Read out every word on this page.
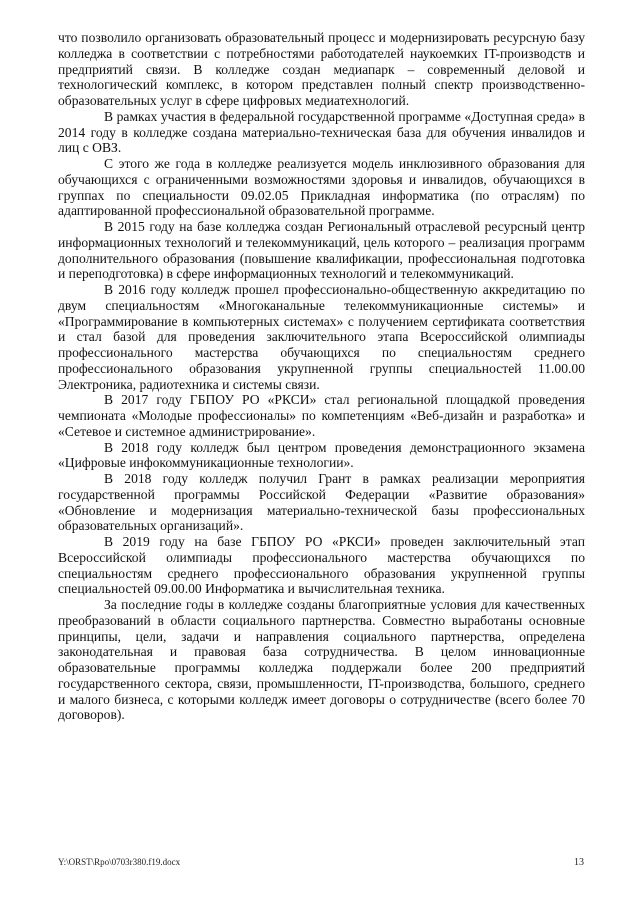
что позволило организовать образовательный процесс и модернизировать ресурсную базу колледжа в соответствии с потребностями работодателей наукоемких IT-производств и предприятий связи. В колледже создан медиапарк – современный деловой и технологический комплекс, в котором представлен полный спектр производственно-образовательных услуг в сфере цифровых медиатехнологий.

В рамках участия в федеральной государственной программе «Доступная среда» в 2014 году в колледже создана материально-техническая база для обучения инвалидов и лиц с ОВЗ.

С этого же года в колледже реализуется модель инклюзивного образования для обучающихся с ограниченными возможностями здоровья и инвалидов, обучающихся в группах по специальности 09.02.05 Прикладная информатика (по отраслям) по адаптированной профессиональной образовательной программе.

В 2015 году на базе колледжа создан Региональный отраслевой ресурсный центр информационных технологий и телекоммуникаций, цель которого – реализация программ дополнительного образования (повышение квалификации, профессиональная подготовка и переподготовка) в сфере информационных технологий и телекоммуникаций.

В 2016 году колледж прошел профессионально-общественную аккредитацию по двум специальностям «Многоканальные телекоммуникационные системы» и «Программирование в компьютерных системах» с получением сертификата соответствия и стал базой для проведения заключительного этапа Всероссийской олимпиады профессионального мастерства обучающихся по специальностям среднего профессионального образования укрупненной группы специальностей 11.00.00 Электроника, радиотехника и системы связи.

В 2017 году ГБПОУ РО «РКСИ» стал региональной площадкой проведения чемпионата «Молодые профессионалы» по компетенциям «Веб-дизайн и разработка» и «Сетевое и системное администрирование».

В 2018 году колледж был центром проведения демонстрационного экзамена «Цифровые инфокоммуникационные технологии».

В 2018 году колледж получил Грант в рамках реализации мероприятия государственной программы Российской Федерации «Развитие образования» «Обновление и модернизация материально-технической базы профессиональных образовательных организаций».

В 2019 году на базе ГБПОУ РО «РКСИ» проведен заключительный этап Всероссийской олимпиады профессионального мастерства обучающихся по специальностям среднего профессионального образования укрупненной группы специальностей 09.00.00 Информатика и вычислительная техника.

За последние годы в колледже созданы благоприятные условия для качественных преобразований в области социального партнерства. Совместно выработаны основные принципы, цели, задачи и направления социального партнерства, определена законодательная и правовая база сотрудничества. В целом инновационные образовательные программы колледжа поддержали более 200 предприятий государственного сектора, связи, промышленности, IT-производства, большого, среднего и малого бизнеса, с которыми колледж имеет договоры о сотрудничестве (всего более 70 договоров).

Y:\ORST\Rpo\0703r380.f19.docx	13
